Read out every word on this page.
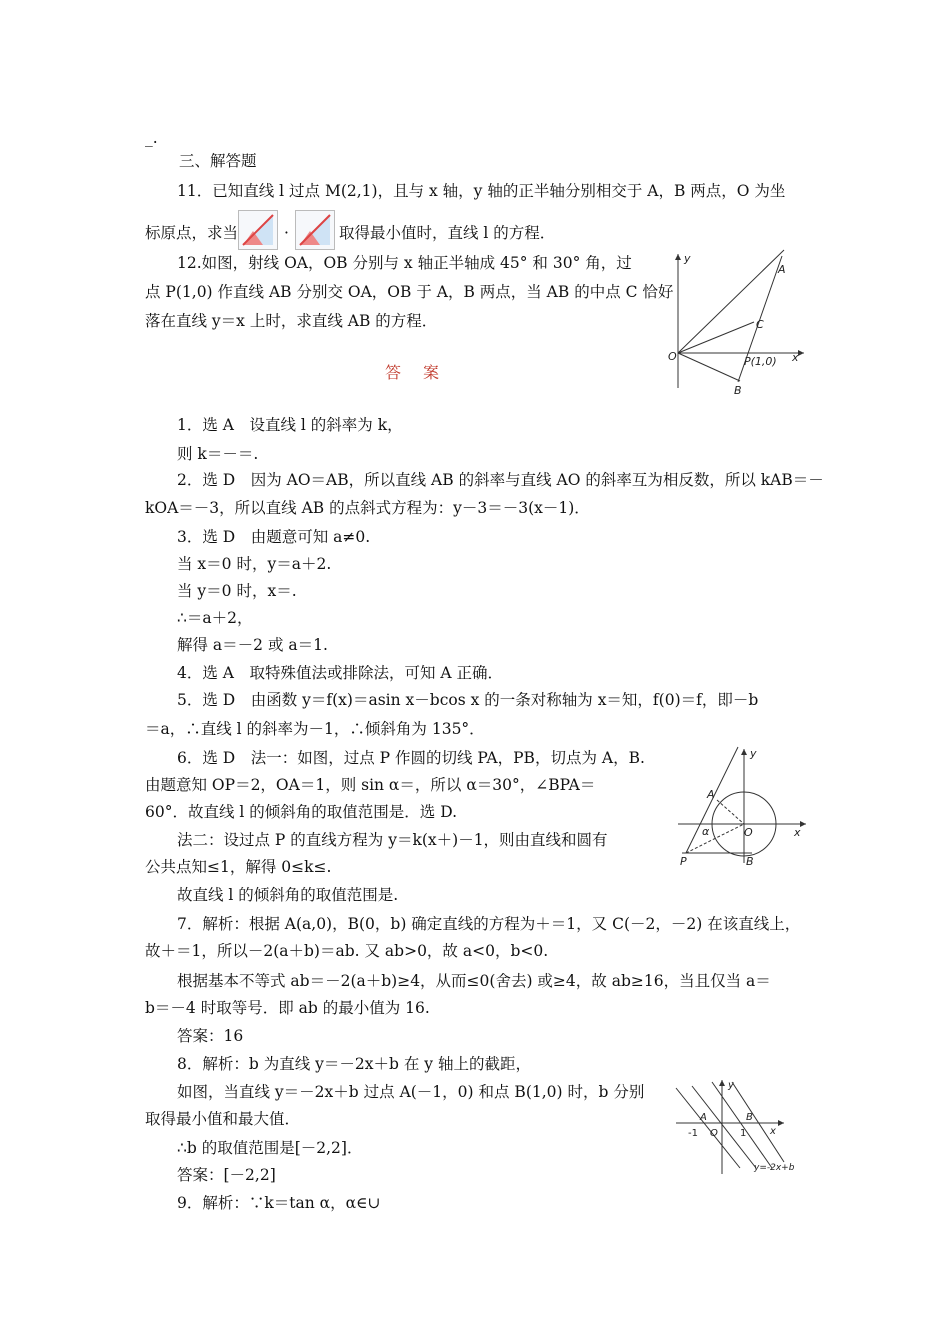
_.
三、解答题
11．已知直线 l 过点 M(2,1)，且与 x 轴，y 轴的正半轴分别相交于 A，B 两点，O 为坐
标原点，求当	·	取得最小值时，直线 l 的方程．
12.如图，射线 OA，OB 分别与 x 轴正半轴成 45° 和 30° 角，过
点 P(1,0) 作直线 AB 分别交 OA，OB 于 A，B 两点，当 AB 的中点 C 恰好
落在直线 y＝x 上时，求直线 AB 的方程．
y
A
C
O	P(1,0) x
B
答案
1．选 A　设直线 l 的斜率为 k，
则 k＝－＝.
2．选 D　因为 AO＝AB，所以直线 AB 的斜率与直线 AO 的斜率互为相反数，所以 kAB＝－
kOA＝－3，所以直线 AB 的点斜式方程为：y－3＝－3(x－1)．
3．选 D　由题意可知 a≠0.
当 x＝0 时，y＝a＋2.
当 y＝0 时，x＝.
∴＝a＋2，
解得 a＝－2 或 a＝1.
4．选 A　取特殊值法或排除法，可知 A 正确．
5．选 D　由函数 y＝f(x)＝asin x－bcos x 的一条对称轴为 x＝知，f(0)＝f，即－b
＝a，∴直线 l 的斜率为－1，∴倾斜角为 135°．
6．选 D　法一：如图，过点 P 作圆的切线 PA，PB，切点为 A，B.
由题意知 OP＝2，OA＝1，则 sin α＝，所以 α＝30°，∠BPA＝
60°．故直线 l 的倾斜角的取值范围是．选 D.
法二：设过点 P 的直线方程为 y＝k(x＋)－1，则由直线和圆有
公共点知≤1，解得 0≤k≤.
故直线 l 的倾斜角的取值范围是.
7．解析：根据 A(a,0)，B(0，b) 确定直线的方程为＋＝1，又 C(－2，－2) 在该直线上，
故＋＝1，所以－2(a＋b)＝ab. 又 ab>0，故 a<0，b<0.
根据基本不等式 ab＝－2(a＋b)≥4，从而≤0(舍去) 或≥4，故 ab≥16，当且仅当 a＝
b＝－4 时取等号．即 ab 的最小值为 16.
答案：16
8．解析：b 为直线 y＝－2x＋b 在 y 轴上的截距，
如图，当直线 y＝－2x＋b 过点 A(－1，0) 和点 B(1,0) 时，b 分别
取得最小值和最大值．
∴b 的取值范围是[－2,2]．
答案：[－2,2]
9．解析：∵k＝tan α，α∈∪
y
A
α	O	x
P	B
y
A	B
-1 O 1 x
y=-2x+b
